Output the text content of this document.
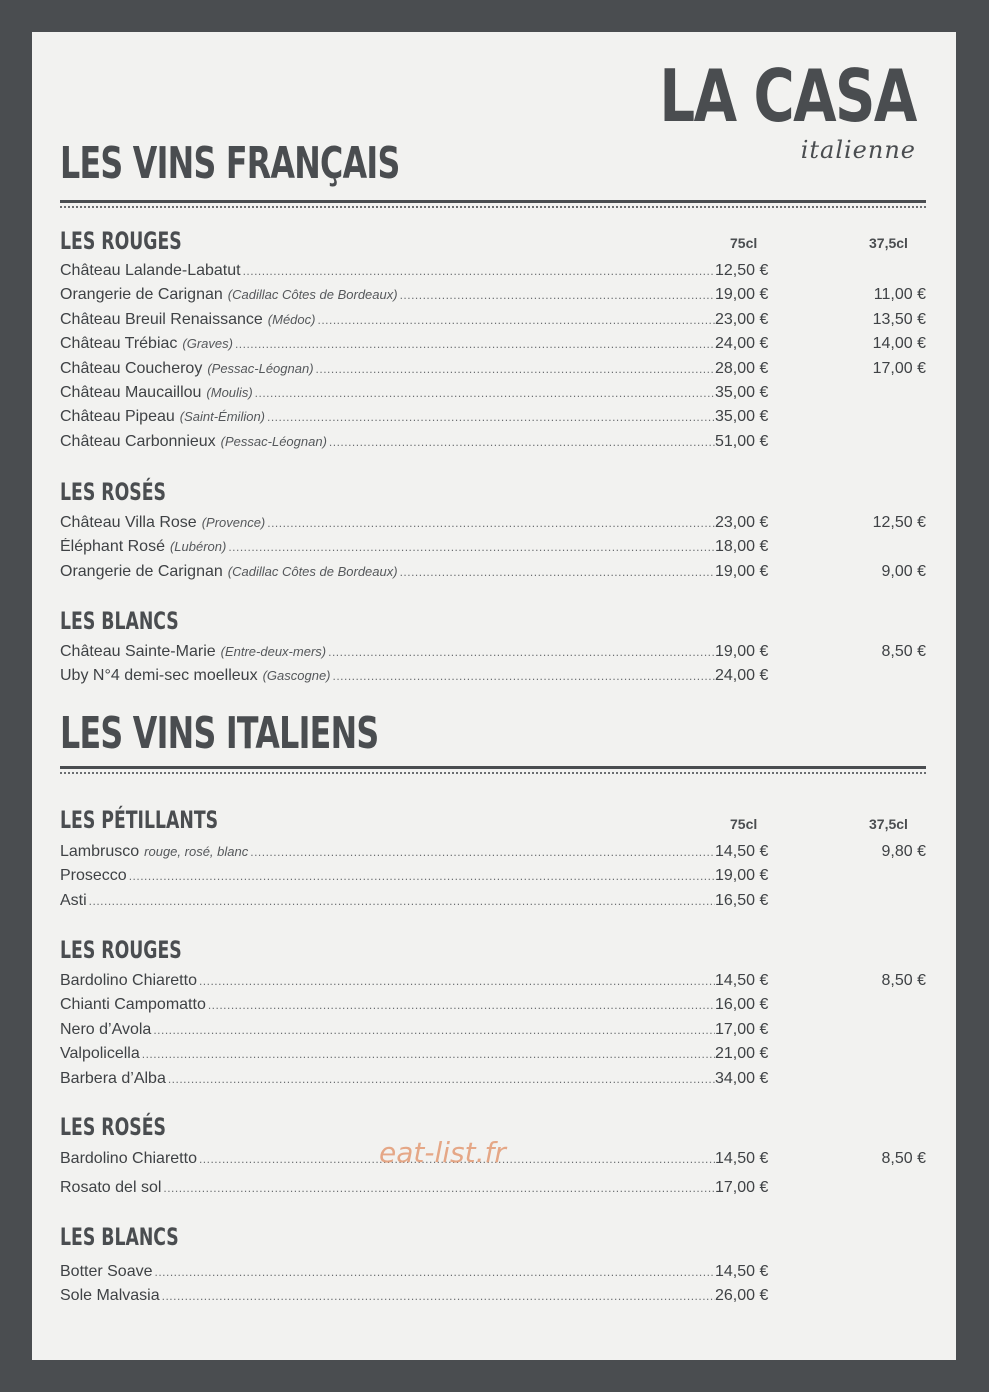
LA CASA
italienne
LES VINS FRANÇAIS
LES ROUGES	75cl	37,5cl
Château Lalande-Labatut .....	12,50 €
Orangerie de Carignan (Cadillac Côtes de Bordeaux) .....	19,00 €	11,00 €
Château Breuil Renaissance (Médoc) .....	23,00 €	13,50 €
Château Trébiac (Graves) .....	24,00 €	14,00 €
Château Coucheroy (Pessac-Léognan) .....	28,00 €	17,00 €
Château Maucaillou (Moulis) .....	35,00 €
Château Pipeau (Saint-Émilion) .....	35,00 €
Château Carbonnieux (Pessac-Léognan) .....	51,00 €
LES ROSÉS
Château Villa Rose (Provence) .....	23,00 €	12,50 €
Éléphant Rosé (Lubéron) .....	18,00 €
Orangerie de Carignan (Cadillac Côtes de Bordeaux) .....	19,00 €	9,00 €
LES BLANCS
Château Sainte-Marie (Entre-deux-mers) .....	19,00 €	8,50 €
Uby N°4 demi-sec moelleux (Gascogne) .....	24,00 €
LES VINS ITALIENS
LES PÉTILLANTS	75cl	37,5cl
Lambrusco rouge, rosé, blanc .....	14,50 €	9,80 €
Prosecco .....	19,00 €
Asti .....	16,50 €
LES ROUGES
Bardolino Chiaretto .....	14,50 €	8,50 €
Chianti Campomatto .....	16,00 €
Nero d’Avola .....	17,00 €
Valpolicella .....	21,00 €
Barbera d’Alba .....	34,00 €
LES ROSÉS
Bardolino Chiaretto .....	14,50 €	8,50 €
Rosato del sol .....	17,00 €
LES BLANCS
Botter Soave .....	14,50 €
Sole Malvasia .....	26,00 €
eat-list.fr
